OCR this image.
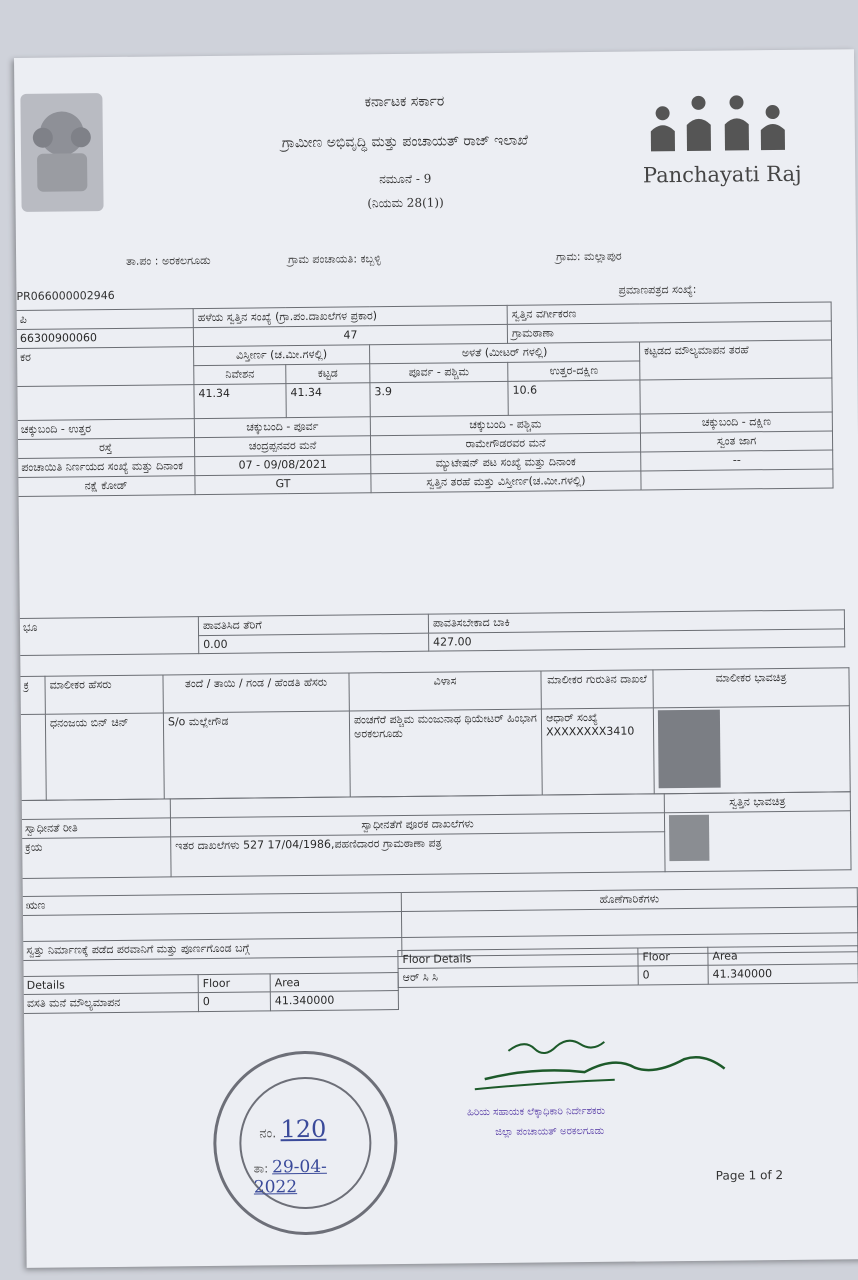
ಕರ್ನಾಟಕ ಸರ್ಕಾರ
ಗ್ರಾಮೀಣ ಅಭಿವೃದ್ಧಿ ಮತ್ತು ಪಂಚಾಯತ್ ರಾಜ್ ಇಲಾಖೆ
ನಮೂನೆ - 9
(ನಿಯಮ 28(1))
Panchayati Raj
ತಾ.ಪಂ : ಅರಕಲಗೂಡು	ಗ್ರಾಮ ಪಂಚಾಯತಿ: ಕಬ್ಬಳ್ಳಿ	ಗ್ರಾಮ: ಮಲ್ಲಾಪುರ
PR066000002946	ಪ್ರಮಾಣಪತ್ರದ ಸಂಖ್ಯೆ:
ಪಿ	ಹಳೆಯ ಸ್ವತ್ತಿನ ಸಂಖ್ಯೆ (ಗ್ರಾ.ಪಂ.ದಾಖಲೆಗಳ ಪ್ರಕಾರ)			ಸ್ವತ್ತಿನ ವರ್ಗೀಕರಣ	
66300900060	47			ಗ್ರಾಮಠಾಣಾ	
ಕರ	ವಿಸ್ತೀರ್ಣ (ಚ.ಮೀ.ಗಳಲ್ಲಿ)		ಅಳತೆ (ಮೀಟರ್ ಗಳಲ್ಲಿ)		ಕಟ್ಟಡದ ಮೌಲ್ಯಮಾಪನ ತರಹೆ
	ನಿವೇಶನ	ಕಟ್ಟಡ	ಪೂರ್ವ - ಪಶ್ಚಿಮ	ಉತ್ತರ-ದಕ್ಷಿಣ	
	41.34	41.34	3.9	10.6	
ಚಕ್ಕುಬಂದಿ - ಉತ್ತರ	ಚಕ್ಕುಬಂದಿ - ಪೂರ್ವ		ಚಕ್ಕುಬಂದಿ - ಪಶ್ಚಿಮ		ಚಕ್ಕುಬಂದಿ - ದಕ್ಷಿಣ
ರಸ್ತೆ	ಚಂದ್ರಪ್ಪನವರ ಮನೆ		ರಾಮೇಗೌಡರವರ ಮನೆ		ಸ್ವಂತ ಜಾಗ
ಪಂಚಾಯಿತಿ ನಿರ್ಣಯದ ಸಂಖ್ಯೆ ಮತ್ತು ದಿನಾಂಕ	07 - 09/08/2021		ಮ್ಯುಟೇಷನ್ ಪಟ ಸಂಖ್ಯೆ ಮತ್ತು ದಿನಾಂಕ		--
ನಕ್ಷೆ ಕೋಡ್	GT		ಸ್ವತ್ತಿನ ತರಹೆ ಮತ್ತು ವಿಸ್ತೀರ್ಣ(ಚ.ಮೀ.ಗಳಲ್ಲಿ)		
ಭೂ	ಪಾವತಿಸಿದ ತೆರಿಗೆ	ಪಾವತಿಸಬೇಕಾದ ಬಾಕಿ
	0.00	427.00
ಕ್ರ	ಮಾಲೀಕರ ಹೆಸರು	ತಂದೆ / ತಾಯಿ / ಗಂಡ / ಹೆಂಡತಿ ಹೆಸರು	ವಿಳಾಸ	ಮಾಲೀಕರ ಗುರುತಿನ ದಾಖಲೆ	ಮಾಲೀಕರ ಭಾವಚಿತ್ರ
	ಧನಂಜಯ ಬಿನ್ ಚಿನ್	S/o ಮಲ್ಲೇಗೌಡ	ಪಂಚಗೆರೆ ಪಶ್ಚಿಮ ಮಂಜುನಾಥ ಥಿಯೇಟರ್ ಹಿಂಭಾಗ ಅರಕಲಗೂಡು	ಆಧಾರ್ ಸಂಖ್ಯೆ XXXXXXXX3410	
		ಸ್ವತ್ತಿನ ಭಾವಚಿತ್ರ
ಸ್ವಾಧೀನತೆ ರೀತಿ	ಸ್ವಾಧೀನತೆಗೆ ಪೂರಕ ದಾಖಲೆಗಳು	

ಕ್ರಯ	ಇತರ ದಾಖಲೆಗಳು 527 17/04/1986,ಪಹಣಿದಾರರ ಗ್ರಾಮಠಾಣಾ ಪತ್ರ	
ಋಣ	ಹೊಣೆಗಾರಿಕೆಗಳು

ಸ್ವತ್ತು ನಿರ್ಮಾಣಕ್ಕೆ ಪಡೆದ ಪರವಾನಿಗೆ ಮತ್ತು ಪೂರ್ಣಗೊಂಡ ಬಗ್ಗೆ	
Details	Floor	Area
ವಸತಿ ಮನೆ ಮೌಲ್ಯಮಾಪನ	0	41.340000
Floor Details	Floor	Area
ಆರ್ ಸಿ ಸಿ	0	41.340000
ನಂ. 120
ತಾ: 29-04-2022
ಹಿರಿಯ ಸಹಾಯಕ ಲೆಕ್ಕಾಧಿಕಾರಿ ನಿರ್ದೇಶಕರು
ಜಿಲ್ಲಾ ಪಂಚಾಯತ್ ಅರಕಲಗೂಡು
Page 1 of 2
